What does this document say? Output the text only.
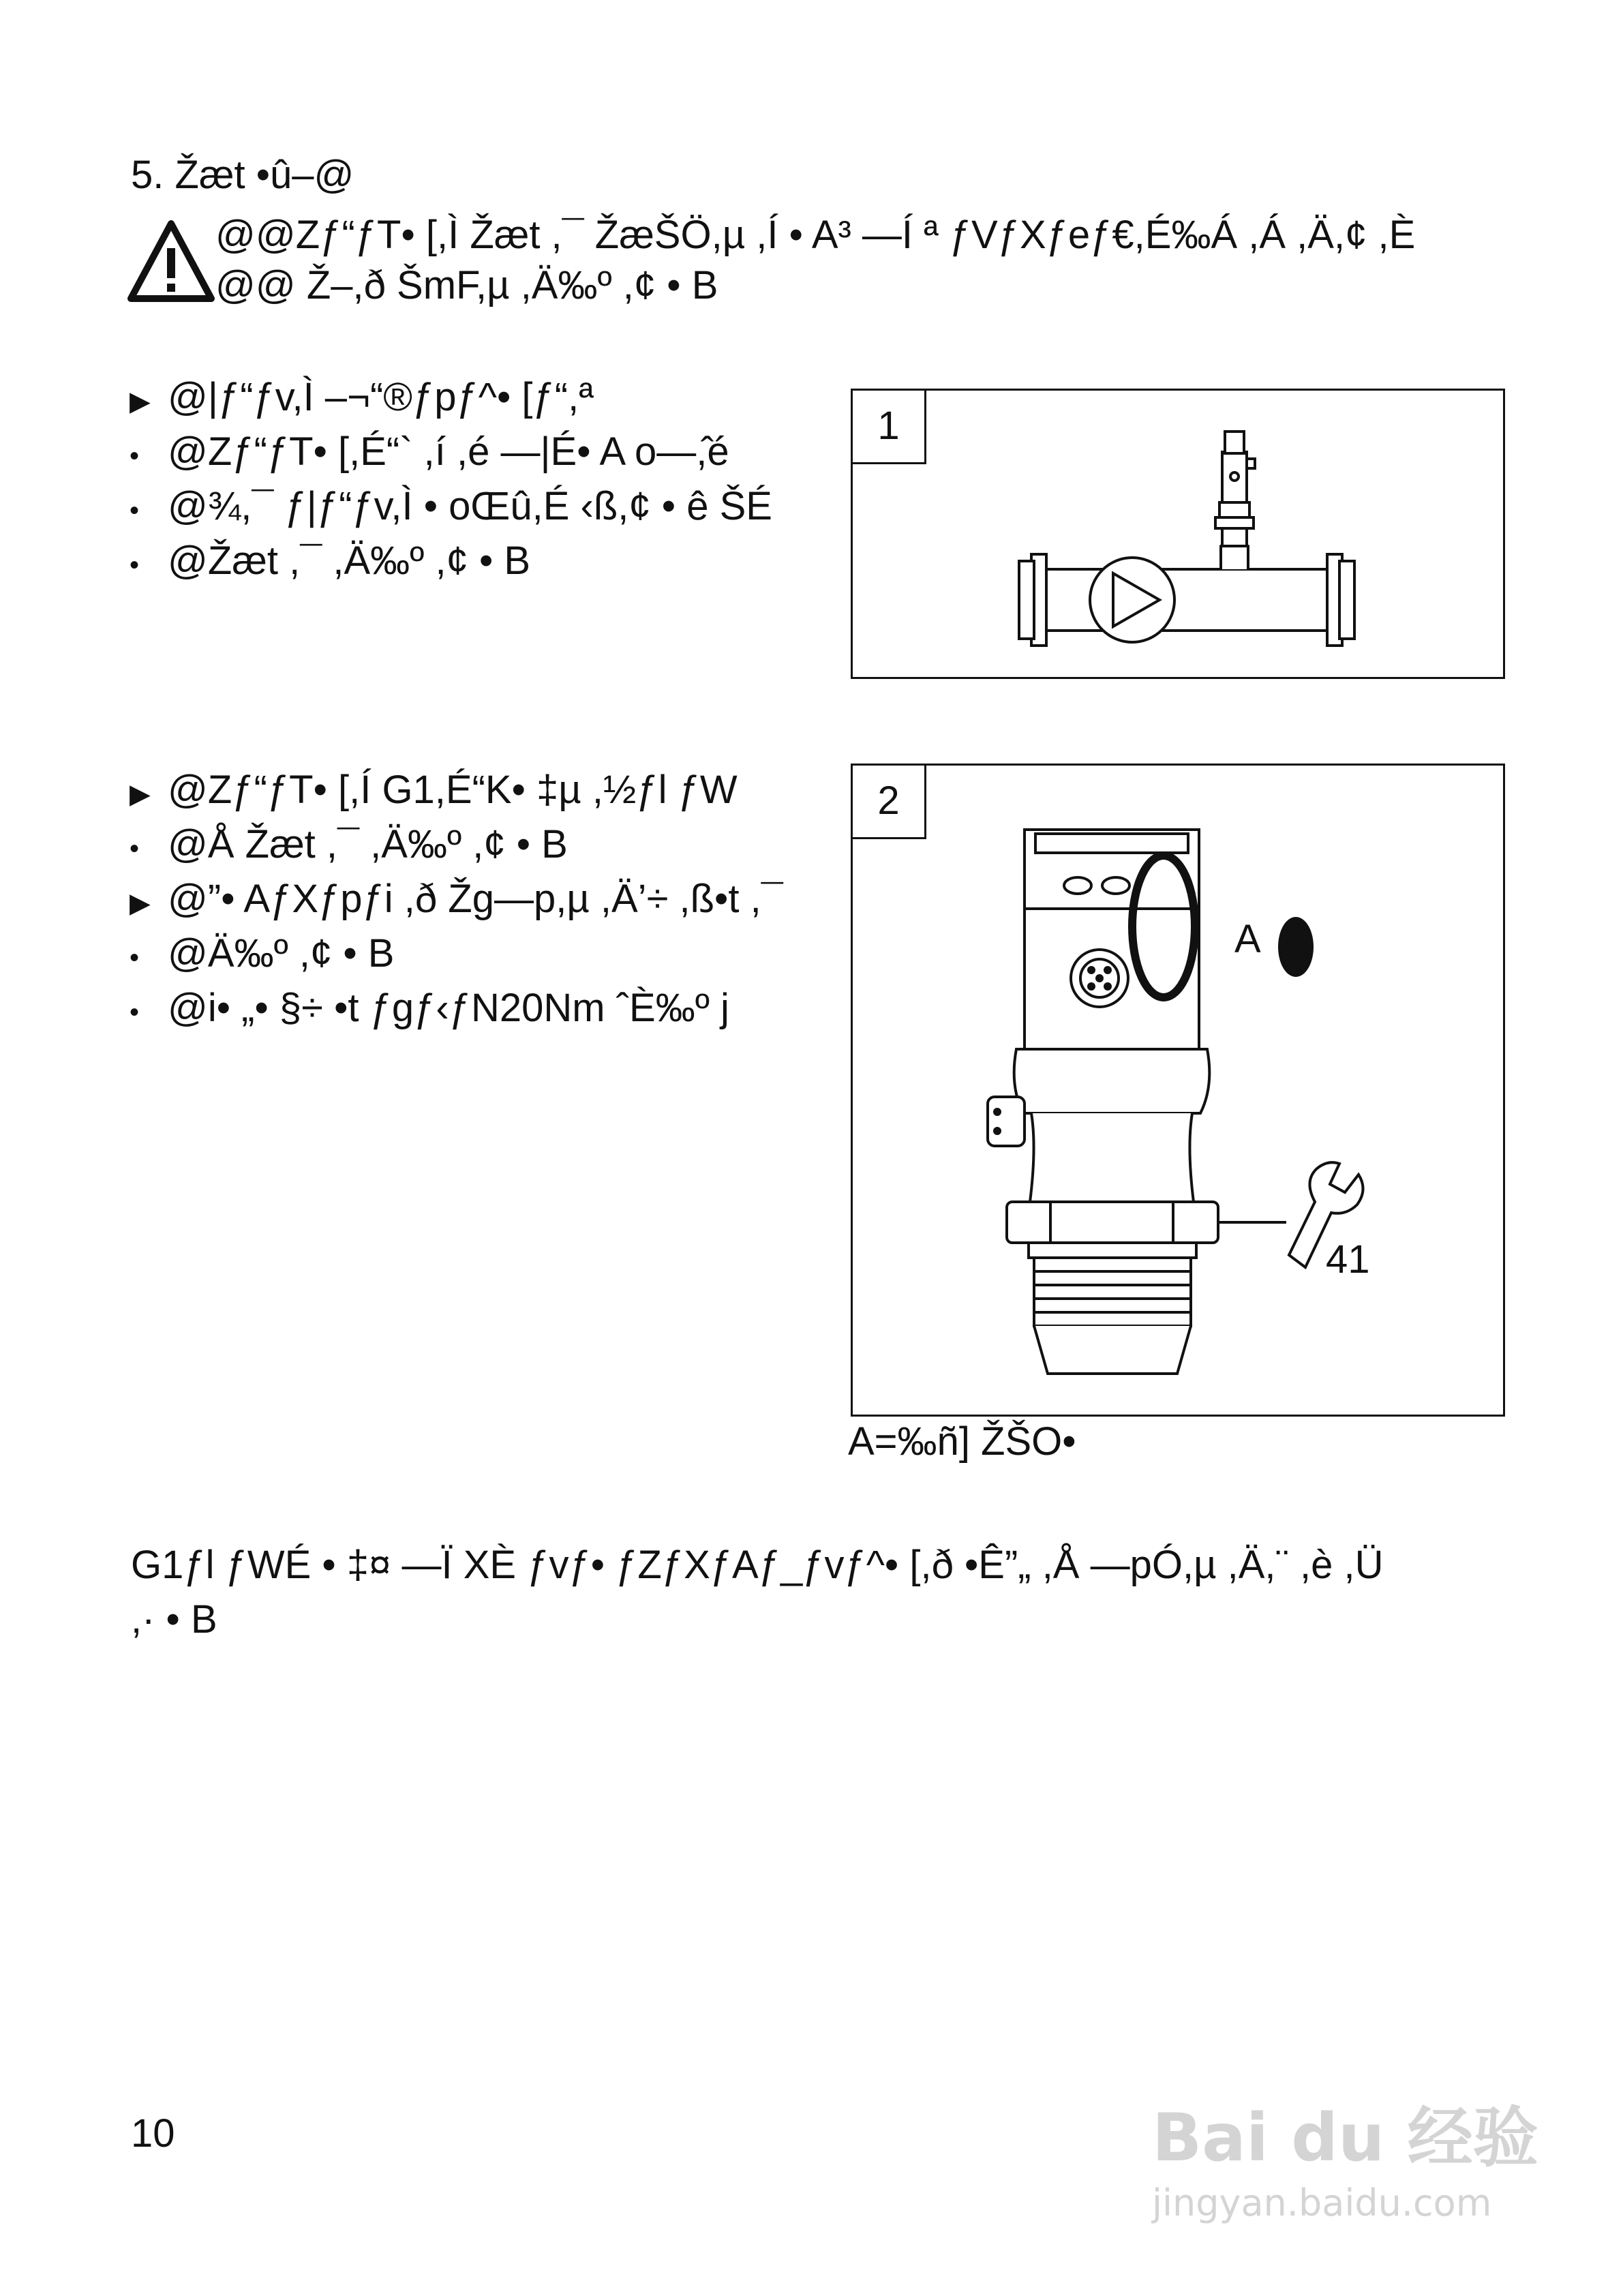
5. Žæt •û–@
@@Zƒ“ƒT• [,Ì Žæt ,¯ ŽæŠÖ,µ ,Í • A³ —Í ª ƒVƒXƒeƒ€,É‰Á ,Á ,Ä,¢ ,È
@@ Ž–,ð ŠmF,µ ,Ä‰º ,¢ • B
▶ @|ƒ“ƒv,Ì –¬“®ƒpƒ^• [ƒ“,ª
• @Zƒ“ƒT• [,É“` ,í ,é —|É• A o—,̂é
• @¾,¯ ƒ|ƒ“ƒv,Ì • oŒû,É ‹ß,¢ • ê ŠÉ
• @Žæt ,¯ ,Ä‰º ,¢ • B
1
▶ @Zƒ“ƒT• [,Í G1,É“K• ‡µ ,½ƒl ƒW
• @Å Žæt ,¯ ,Ä‰º ,¢ • B
▶ @”• AƒXƒpƒi ,ð Žg—p,µ ,Ä’÷ ,ß•t ,¯
• @Ä‰º ,¢ • B
• @i• „• §÷ •t ƒgƒ‹ƒN20Nm ˆÈ‰º j
2
A
41
A=‰ñ] ŽŠO•
G1ƒl ƒWÉ • ‡¤ —Ï XÈ ƒvƒ• ƒZƒXƒAƒ_ƒvƒ^• [,ð •Ê”„ ,Å —pÓ,µ ,Ä,¨ ,è ,Ü
,· • B
10	Bai du 经验
jingyan.baidu.com
